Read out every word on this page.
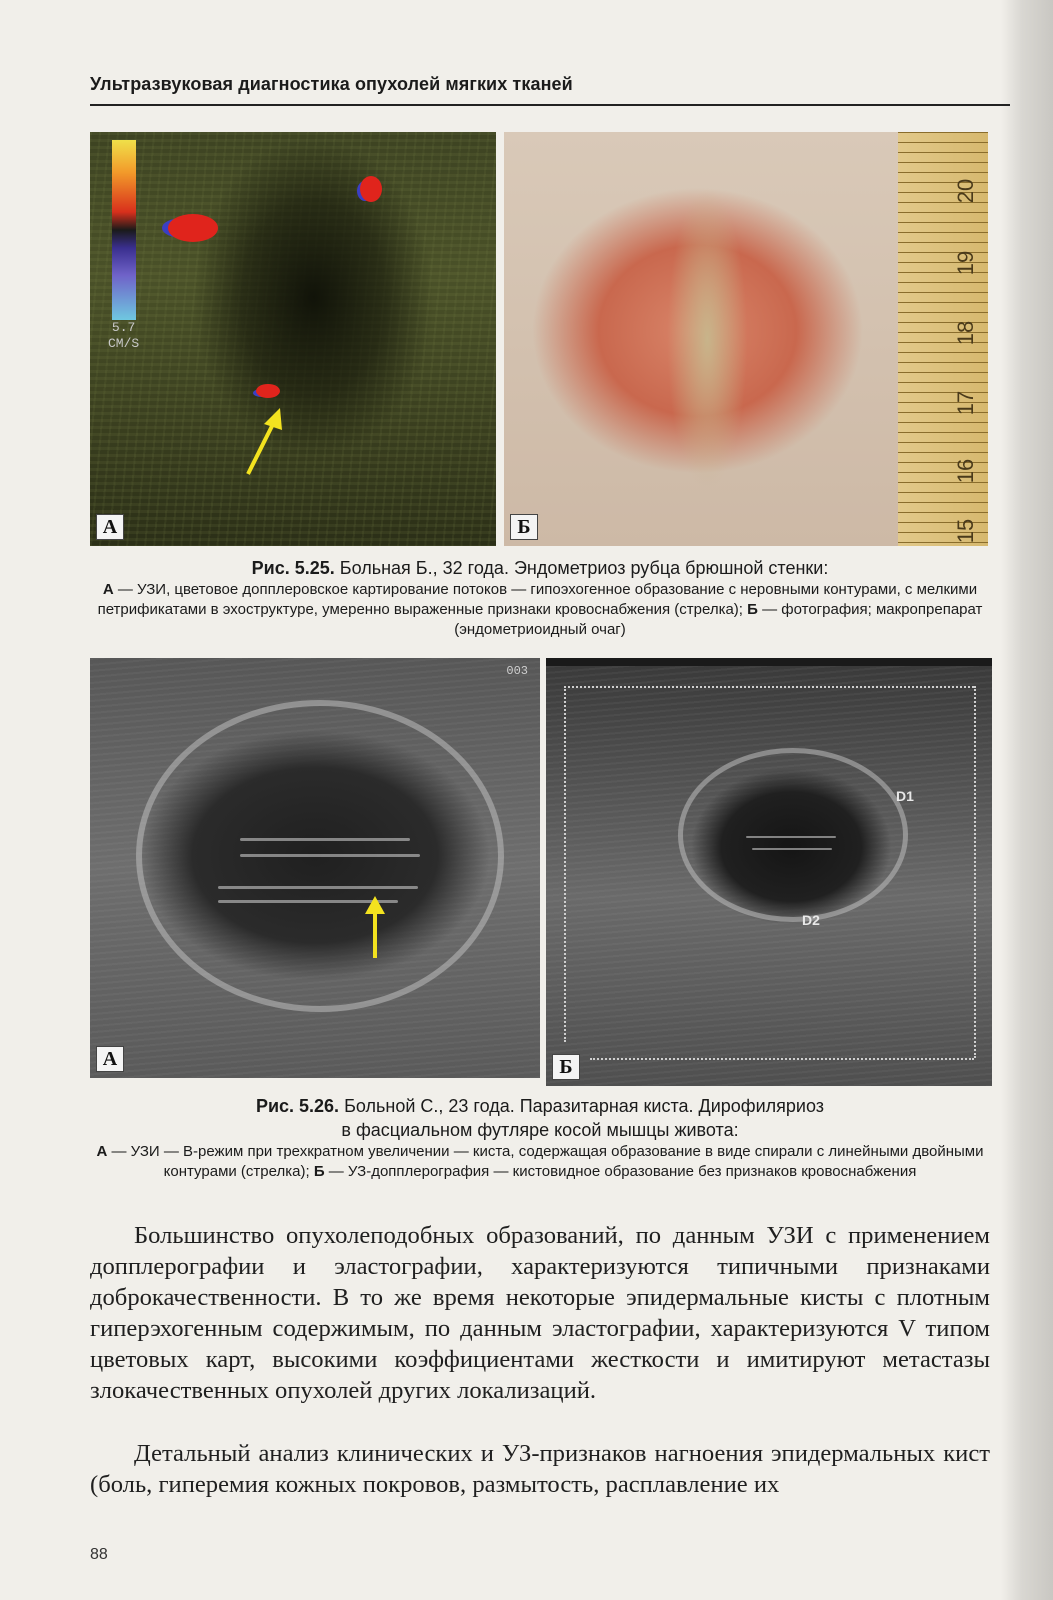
Ультразвуковая диагностика опухолей мягких тканей
5.7
CM/S
А
20
19
18
17
16
15
Б
Рис. 5.25. Больная Б., 32 года. Эндометриоз рубца брюшной стенки:
А — УЗИ, цветовое допплеровское картирование потоков — гипоэхогенное образование с неровными контурами, с мелкими петрификатами в эхоструктуре, умеренно выраженные признаки кровоснабжения (стрелка); Б — фотография; макропрепарат (эндометриоидный очаг)
003
А
D1
D2
Б
Рис. 5.26. Больной С., 23 года. Паразитарная киста. Дирофиляриоз
в фасциальном футляре косой мышцы живота:
А — УЗИ — В-режим при трехкратном увеличении — киста, содержащая образование в виде спирали с линейными двойными контурами (стрелка); Б — УЗ-допплерография — кистовидное образование без признаков кровоснабжения
Большинство опухолеподобных образований, по данным УЗИ с применением допплерографии и эластографии, характеризуются типичными признаками доброкачественности. В то же время некоторые эпидермальные кисты с плотным гиперэхогенным содержимым, по данным эластографии, характеризуются V типом цветовых карт, высокими коэффициентами жесткости и имитируют метастазы злокачественных опухолей других локализаций.
Детальный анализ клинических и УЗ-признаков нагноения эпидермальных кист (боль, гиперемия кожных покровов, размытость, расплавление их
88
